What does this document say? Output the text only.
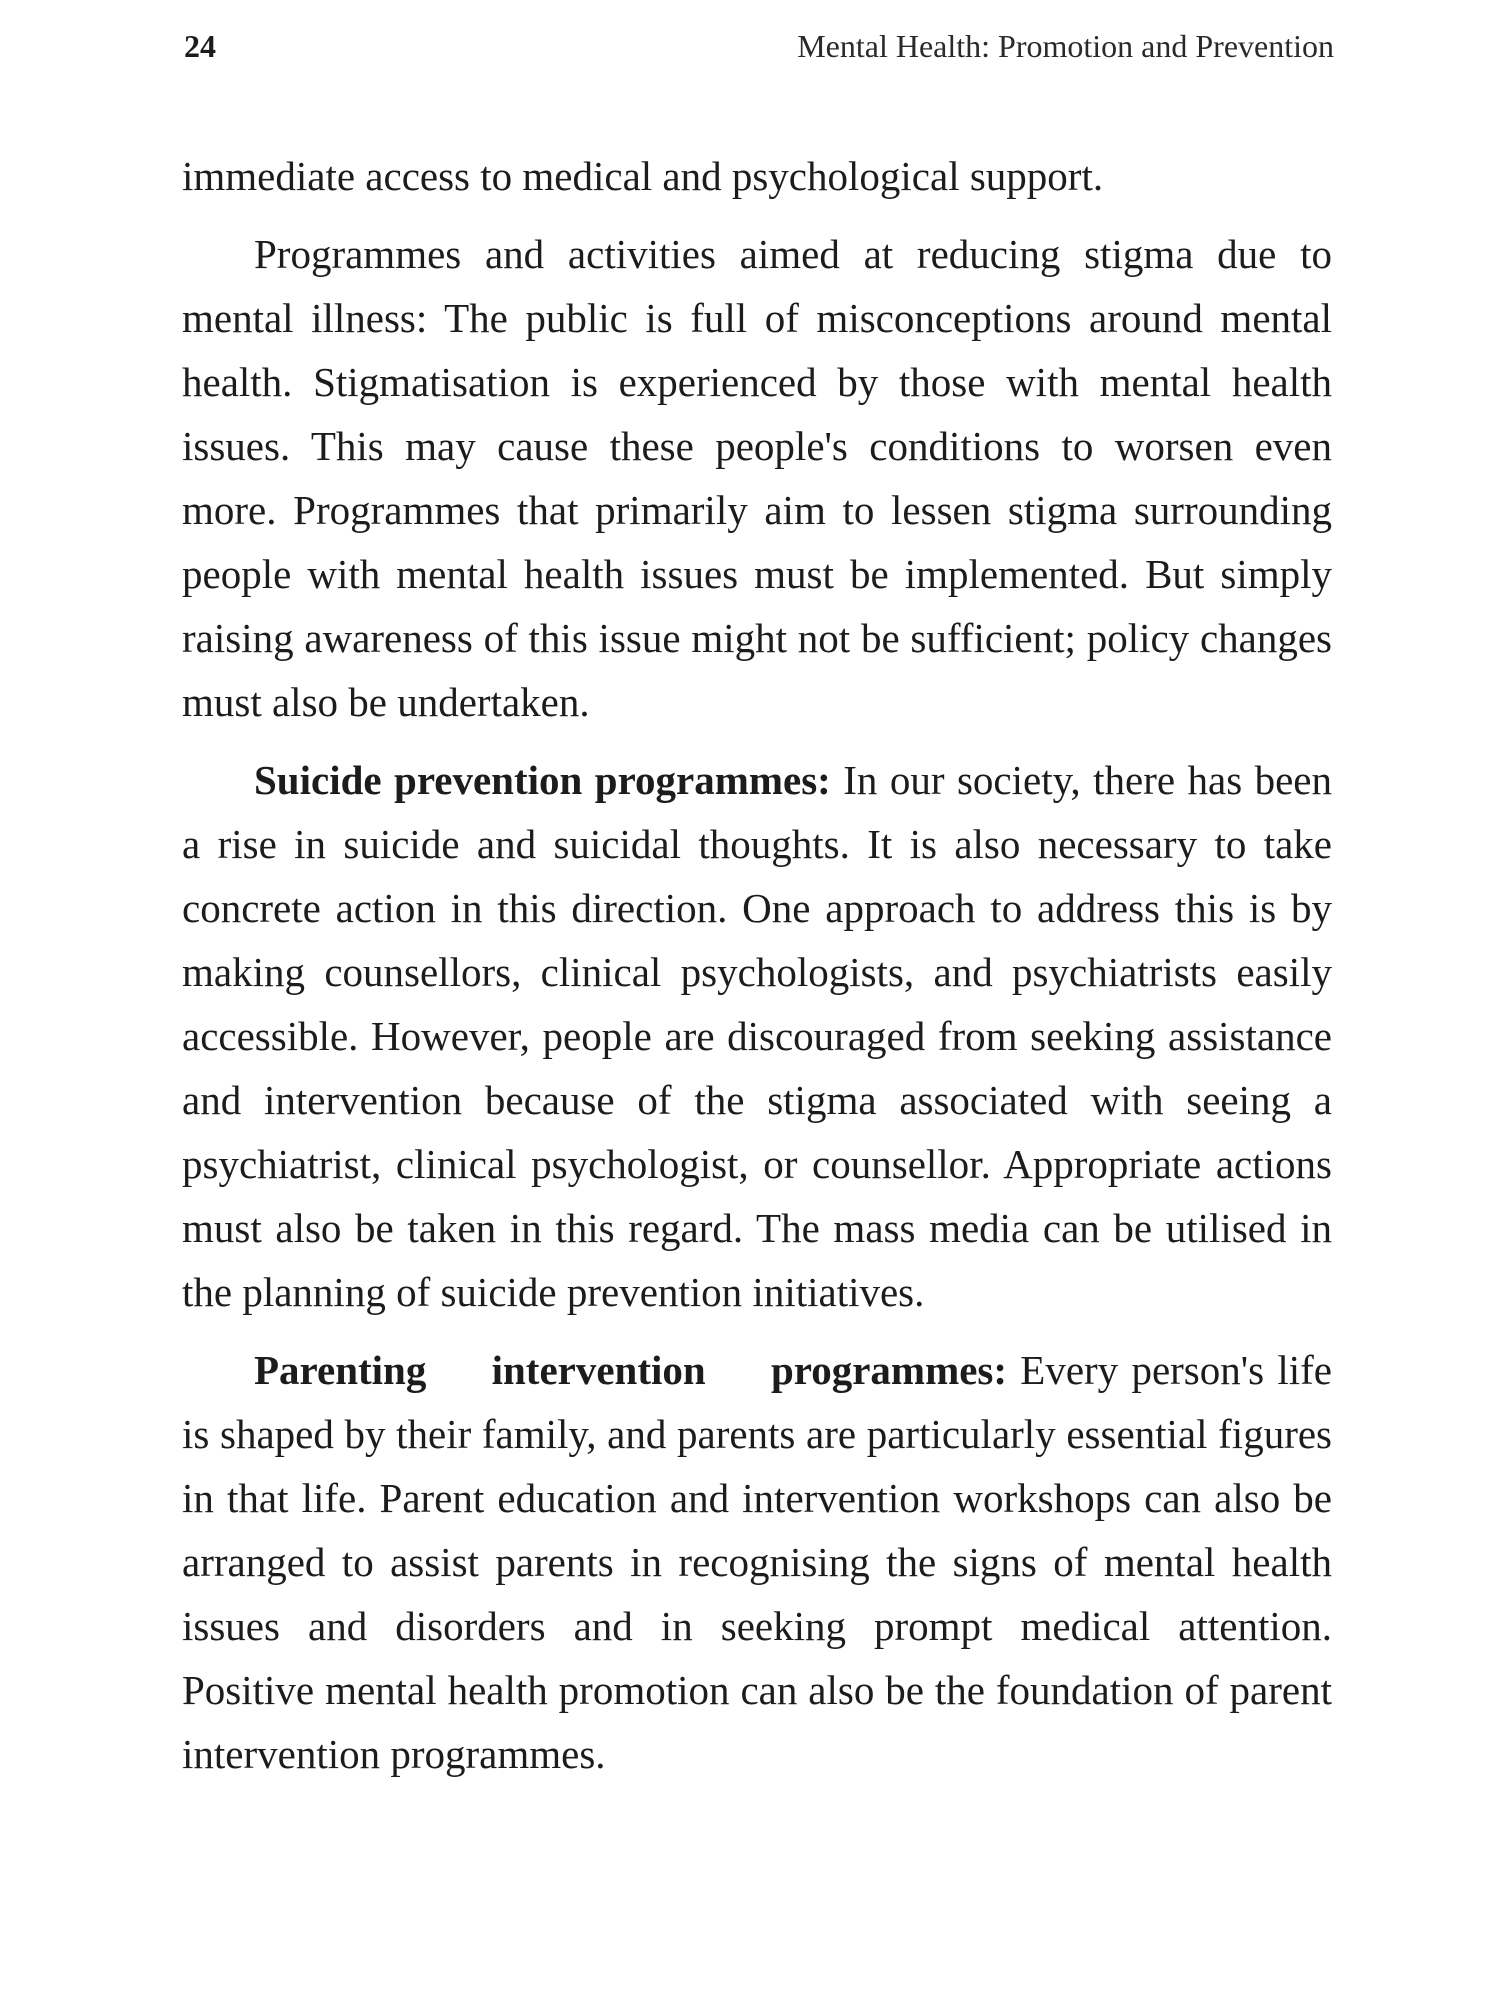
24	Mental Health: Promotion and Prevention

immediate access to medical and psychological support.

Programmes and activities aimed at reducing stigma due to mental illness: The public is full of misconceptions around mental health. Stigmatisation is experienced by those with mental health issues. This may cause these people's conditions to worsen even more. Programmes that primarily aim to lessen stigma surrounding people with mental health issues must be implemented. But simply raising awareness of this issue might not be sufficient; policy changes must also be undertaken.

Suicide prevention programmes: In our society, there has been a rise in suicide and suicidal thoughts. It is also necessary to take concrete action in this direction. One approach to address this is by making counsellors, clinical psychologists, and psychiatrists easily accessible. However, people are discouraged from seeking assistance and intervention because of the stigma associated with seeing a psychiatrist, clinical psychologist, or counsellor. Appropriate actions must also be taken in this regard. The mass media can be utilised in the planning of suicide prevention initiatives.

Parenting intervention programmes: Every person's life is shaped by their family, and parents are particularly essential figures in that life. Parent education and intervention workshops can also be arranged to assist parents in recognising the signs of mental health issues and disorders and in seeking prompt medical attention. Positive mental health promotion can also be the foundation of parent intervention programmes.
